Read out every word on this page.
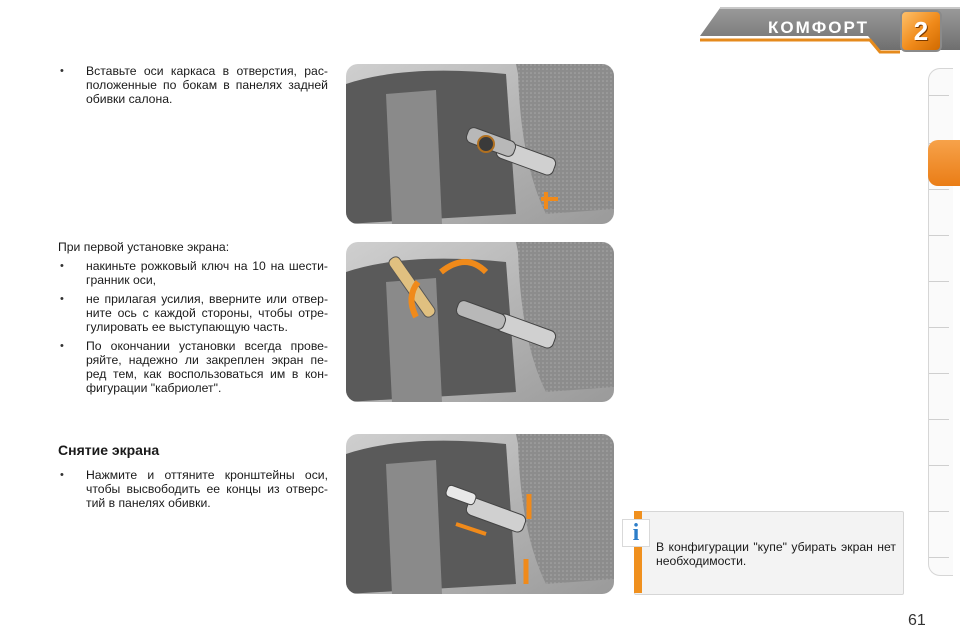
КОМФОРТ	2
• Вставьте оси каркаса в отверстия, рас-положенные по бокам в панелях задней обивки салона.
При первой установке экрана:
• накиньте рожковый ключ на 10 на шести-гранник оси,
• не прилагая усилия, вверните или отвер-ните ось с каждой стороны, чтобы отре-гулировать ее выступающую часть.
• По окончании установки всегда прове-ряйте, надежно ли закреплен экран пе-ред тем, как воспользоваться им в кон-фигурации "кабриолет".
Снятие экрана
• Нажмите и оттяните кронштейны оси, чтобы высвободить ее концы из отверс-тий в панелях обивки.
i
В конфигурации "купе" убирать экран нет необходимости.
61
